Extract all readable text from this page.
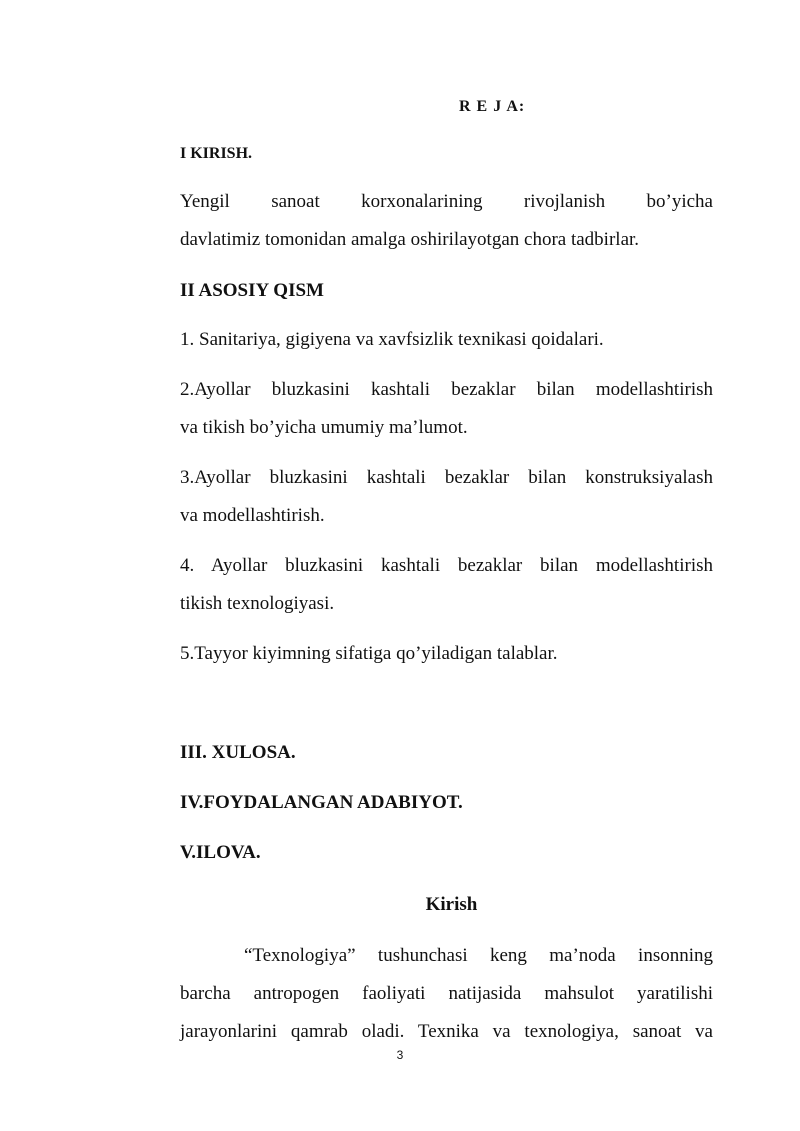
R E J A:
I KIRISH.
Yengil sanoat korxonalarining rivojlanish bo’yicha
davlatimiz tomonidan amalga oshirilayotgan chora tadbirlar.
II ASOSIY QISM
1. Sanitariya, gigiyena va xavfsizlik texnikasi qoidalari.
2.Ayollar bluzkasini kashtali bezaklar bilan modellashtirish
va tikish bo’yicha umumiy ma’lumot.
3.Ayollar bluzkasini kashtali bezaklar bilan konstruksiyalash
va modellashtirish.
4. Ayollar bluzkasini kashtali bezaklar bilan modellashtirish
tikish texnologiyasi.
5.Tayyor kiyimning sifatiga qo’yiladigan talablar.
III. XULOSA.
IV.FOYDALANGAN ADABIYOT.
V.ILOVA.
Kirish
“Texnologiya” tushunchasi keng ma’noda insonning
barcha antropogen faoliyati natijasida mahsulot yaratilishi
jarayonlarini qamrab oladi. Texnika va texnologiya, sanoat va
3
